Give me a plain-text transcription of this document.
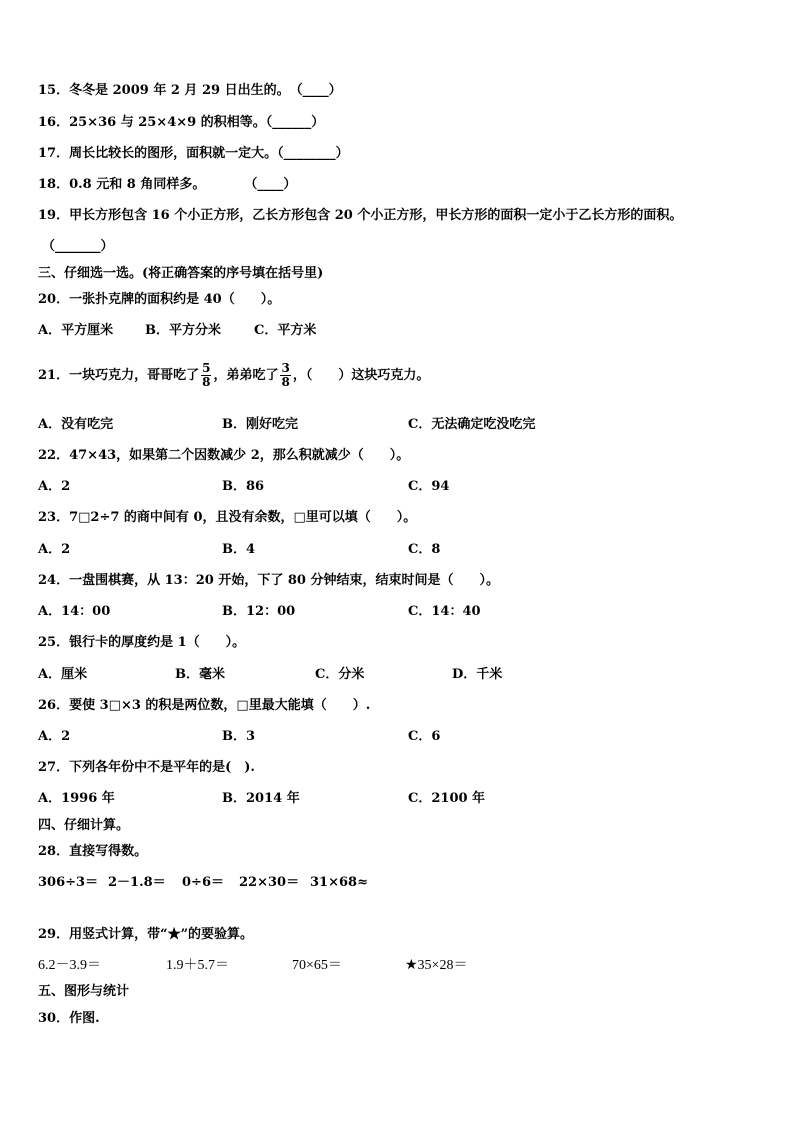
15．冬冬是 2009 年 2 月 29 日出生的。　（____）
16．25×36 与 25×4×9 的积相等。（______）
17．周长比较长的图形，面积就一定大。（________）
18．0.8 元和 8 角同样多。　　　　（____）
19．甲长方形包含 16 个小正方形，乙长方形包含 20 个小正方形，甲长方形的面积一定小于乙长方形的面积。
（_______）
三、仔细选一选。(将正确答案的序号填在括号里)
20．一张扑克牌的面积约是 40（　　）。
A．平方厘米 B．平方分米	C．平方米
21．一块巧克力，哥哥吃了 $\frac{5}{8}$ ，弟弟吃了 $\frac{3}{8}$ ，（　　）这块巧克力。
A．没有吃完	B．刚好吃完	C．无法确定吃没吃完
22．47×43，如果第二个因数减少 2，那么积就减少（　　）。
A．2	B．86	C．94
23．7□2÷7 的商中间有 0，且没有余数，□里可以填（　　）。
A．2	B．4	C．8
24．一盘围棋赛，从 13：20 开始，下了 80 分钟结束，结束时间是（　　）。
A．14：00	B．12：00	C．14：40
25．银行卡的厚度约是 1（　　）。
A．厘米	B．毫米	C．分米	D．千米
26．要使 3□×3 的积是两位数，□里最大能填（　　）.
A．2	B．3	C．6
27．下列各年份中不是平年的是(　).
A．1996 年	B．2014 年	C．2100 年
四、仔细计算。
28．直接写得数。
306÷3＝ 2－1.8＝ 0÷6＝ 22×30＝ 31×68≈
29．用竖式计算，带“★”的要验算。
6.2－3.9＝	1.9＋5.7＝	70×65＝	★35×28＝
五、图形与统计
30．作图.
